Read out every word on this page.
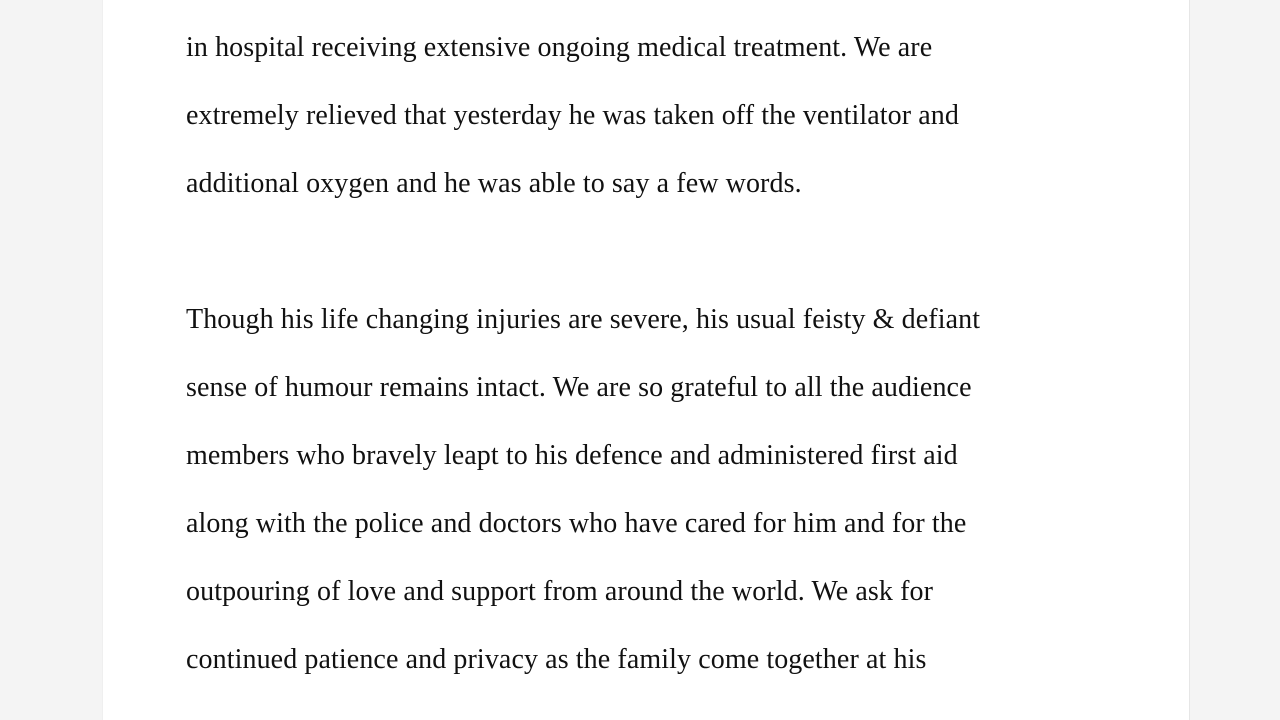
in hospital receiving extensive ongoing medical treatment. We are
extremely relieved that yesterday he was taken off the ventilator and
additional oxygen and he was able to say a few words.
Though his life changing injuries are severe, his usual feisty & defiant
sense of humour remains intact. We are so grateful to all the audience
members who bravely leapt to his defence and administered first aid
along with the police and doctors who have cared for him and for the
outpouring of love and support from around the world. We ask for
continued patience and privacy as the family come together at his
